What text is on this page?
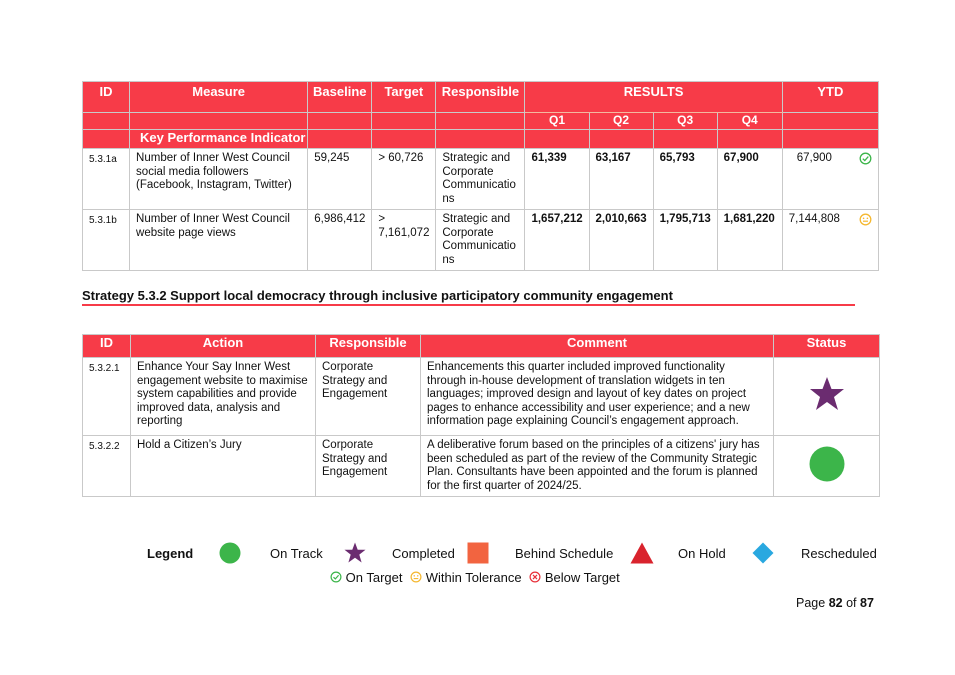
ID	Measure	Baseline	Target	Responsible	RESULTS				YTD
					Q1	Q2	Q3	Q4	
	Key Performance Indicator								
5.3.1a	Number of Inner West Council social media followers (Facebook, Instagram, Twitter)	59,245	> 60,726	Strategic and Corporate Communicatio ns	61,339	63,167	65,793	67,900	67,900

5.3.1b	Number of Inner West Council website page views	6,986,412	> 7,161,072	Strategic and Corporate Communicatio ns	1,657,212	2,010,663	1,795,713	1,681,220	7,144,808
Strategy 5.3.2 Support local democracy through inclusive participatory community engagement
ID	Action	Responsible	Comment	Status
5.3.2.1	Enhance Your Say Inner West engagement website to maximise system capabilities and provide improved data, analysis and reporting	Corporate Strategy and Engagement	Enhancements this quarter included improved functionality through in-house development of translation widgets in ten languages; improved design and layout of key dates on project pages to enhance accessibility and user experience; and a new information page explaining Council’s engagement approach.	
5.3.2.2	Hold a Citizen’s Jury	Corporate Strategy and Engagement	A deliberative forum based on the principles of a citizens' jury has been scheduled as part of the review of the Community Strategic Plan. Consultants have been appointed and the forum is planned for the first quarter of 2024/25.	
Legend	On Track	Completed	Behind Schedule	On Hold	Rescheduled
On Target Within Tolerance Below Target
Page 82 of 87
